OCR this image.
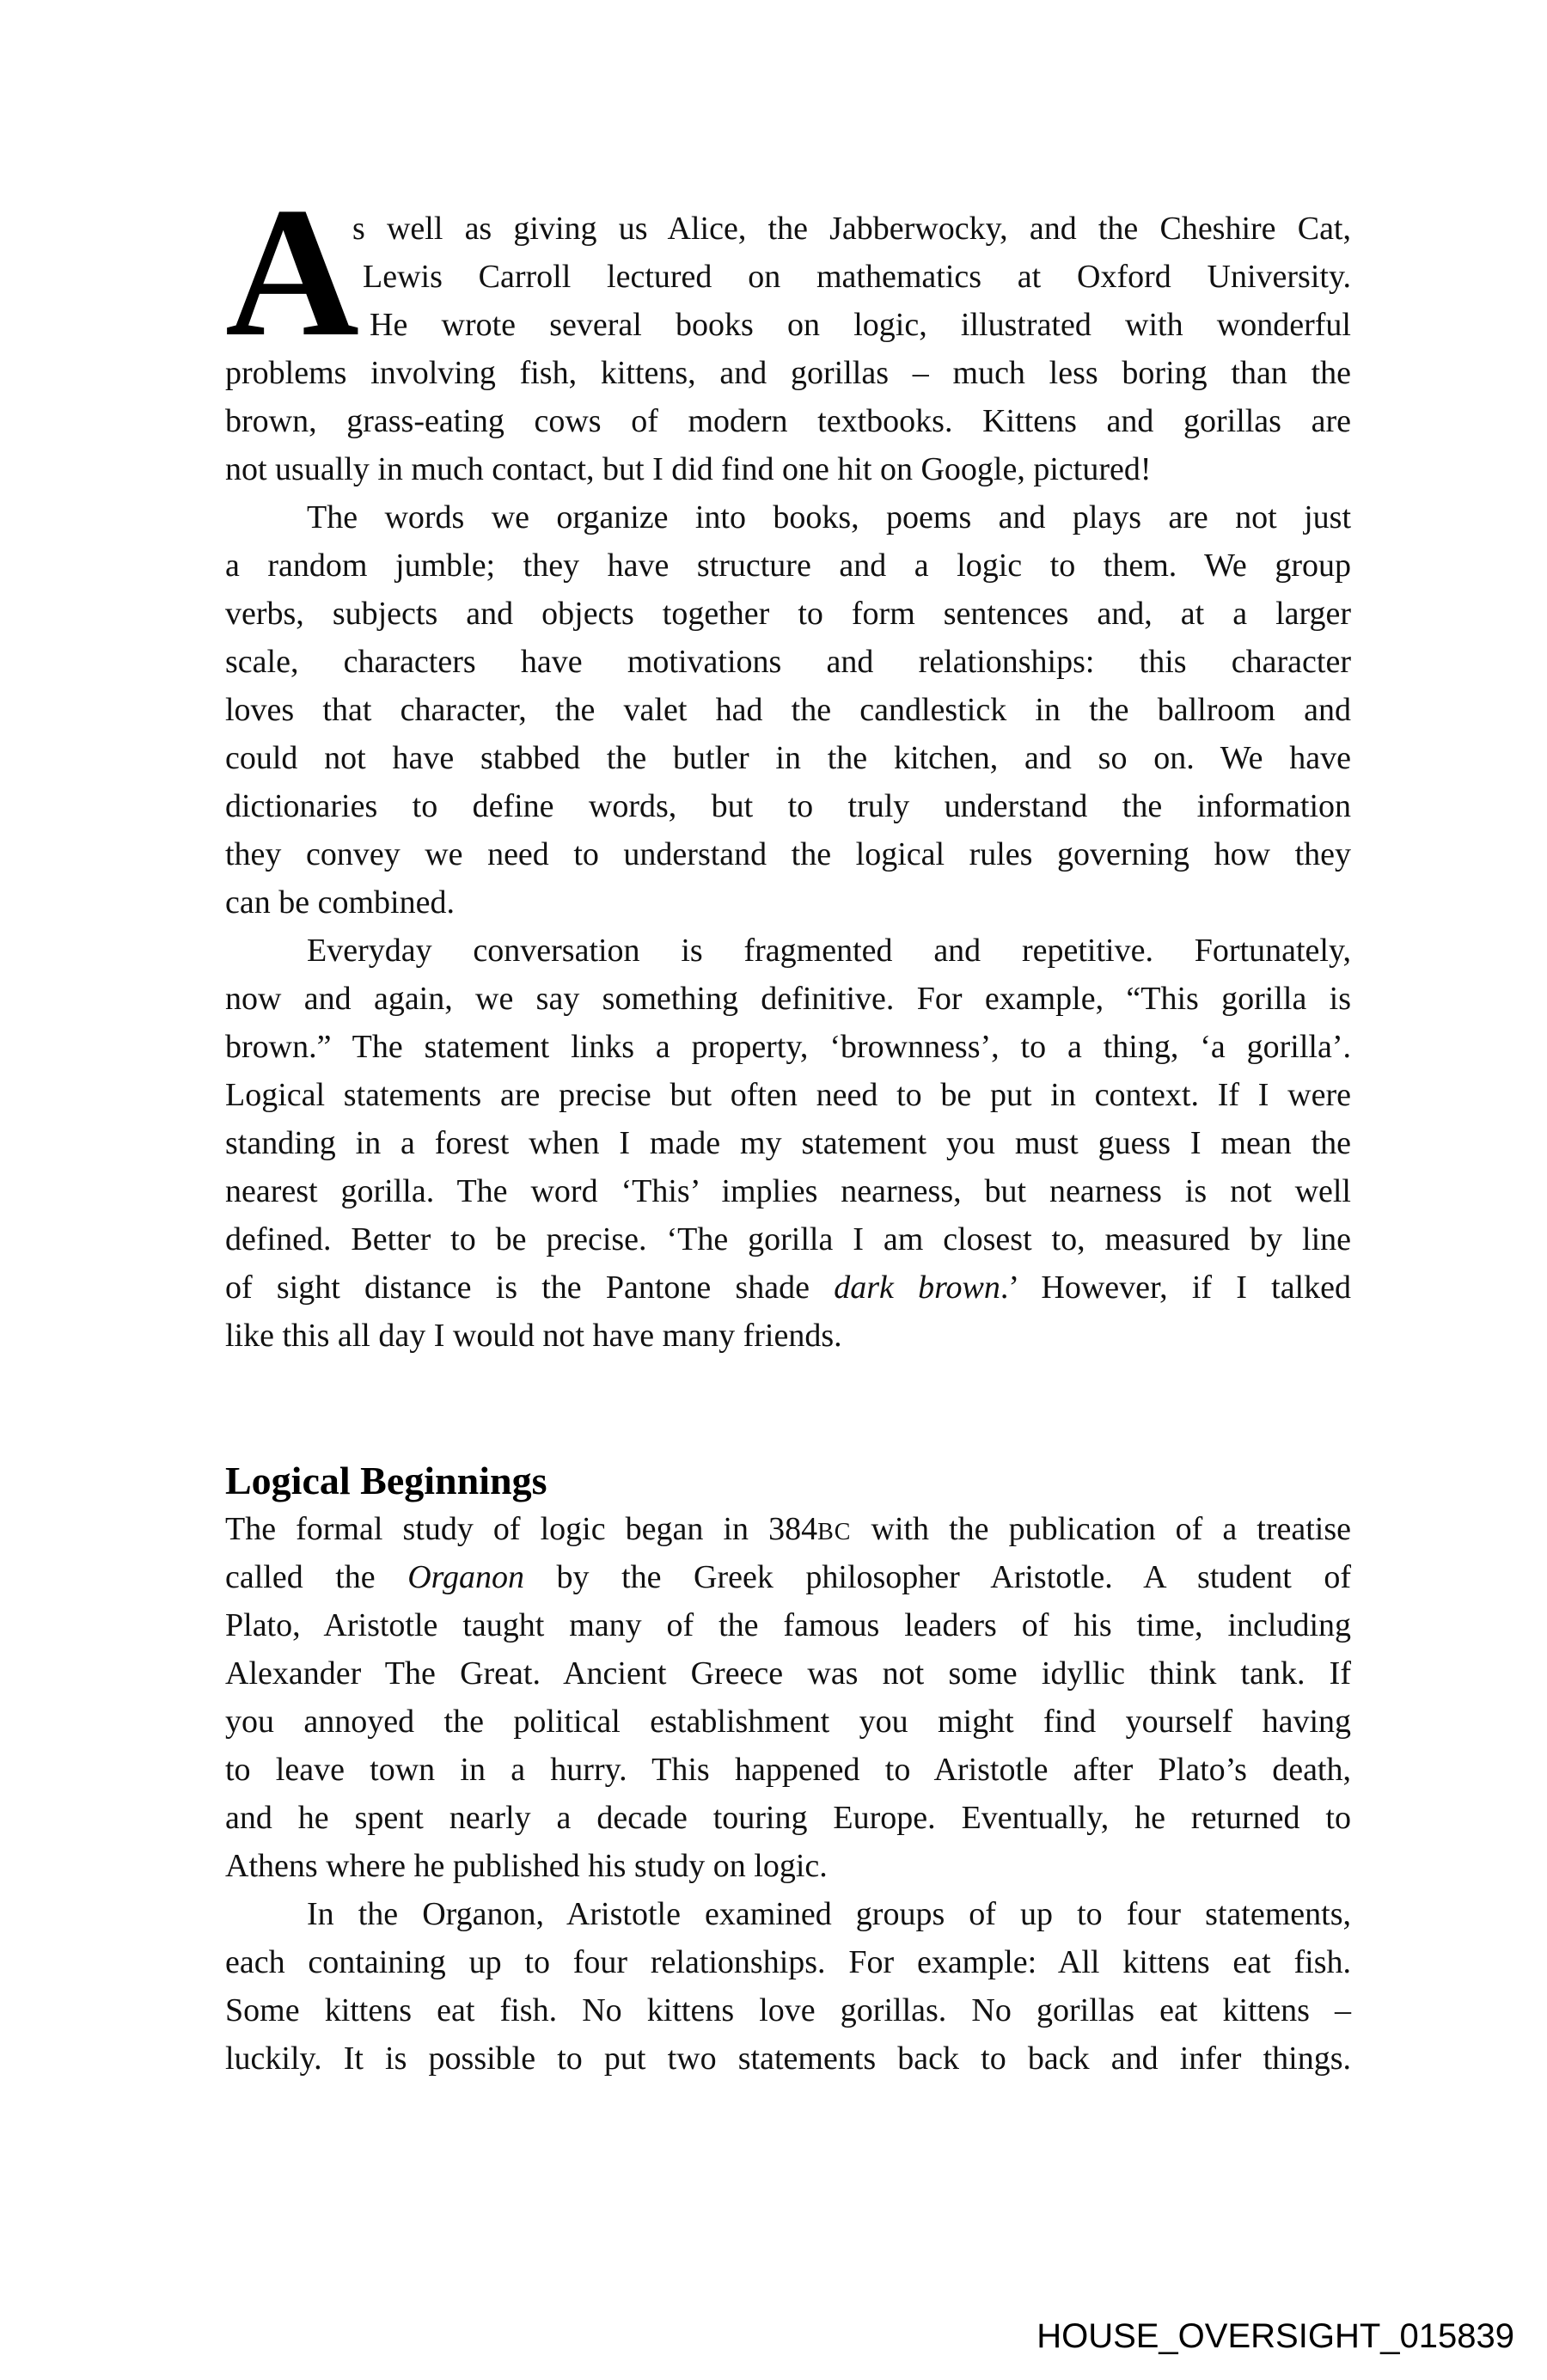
A
s well as giving us Alice, the Jabberwocky, and the Cheshire Cat,
Lewis Carroll lectured on mathematics at Oxford University.
He wrote several books on logic, illustrated with wonderful
problems involving fish, kittens, and gorillas – much less boring than the
brown, grass-eating cows of modern textbooks. Kittens and gorillas are
not usually in much contact, but I did find one hit on Google, pictured!
The words we organize into books, poems and plays are not just
a random jumble; they have structure and a logic to them. We group
verbs, subjects and objects together to form sentences and, at a larger
scale, characters have motivations and relationships: this character
loves that character, the valet had the candlestick in the ballroom and
could not have stabbed the butler in the kitchen, and so on. We have
dictionaries to define words, but to truly understand the information
they convey we need to understand the logical rules governing how they
can be combined.
Everyday conversation is fragmented and repetitive. Fortunately,
now and again, we say something definitive. For example, “This gorilla is
brown.” The statement links a property, ‘brownness’, to a thing, ‘a gorilla’.
Logical statements are precise but often need to be put in context. If I were
standing in a forest when I made my statement you must guess I mean the
nearest gorilla. The word ‘This’ implies nearness, but nearness is not well
defined. Better to be precise. ‘The gorilla I am closest to, measured by line
of sight distance is the Pantone shade dark brown.’ However, if I talked
like this all day I would not have many friends.
Logical Beginnings
The formal study of logic began in 384BC with the publication of a treatise
called the Organon by the Greek philosopher Aristotle. A student of
Plato, Aristotle taught many of the famous leaders of his time, including
Alexander The Great. Ancient Greece was not some idyllic think tank. If
you annoyed the political establishment you might find yourself having
to leave town in a hurry. This happened to Aristotle after Plato’s death,
and he spent nearly a decade touring Europe. Eventually, he returned to
Athens where he published his study on logic.
In the Organon, Aristotle examined groups of up to four statements,
each containing up to four relationships. For example: All kittens eat fish.
Some kittens eat fish. No kittens love gorillas. No gorillas eat kittens –
luckily. It is possible to put two statements back to back and infer things.
HOUSE_OVERSIGHT_015839
